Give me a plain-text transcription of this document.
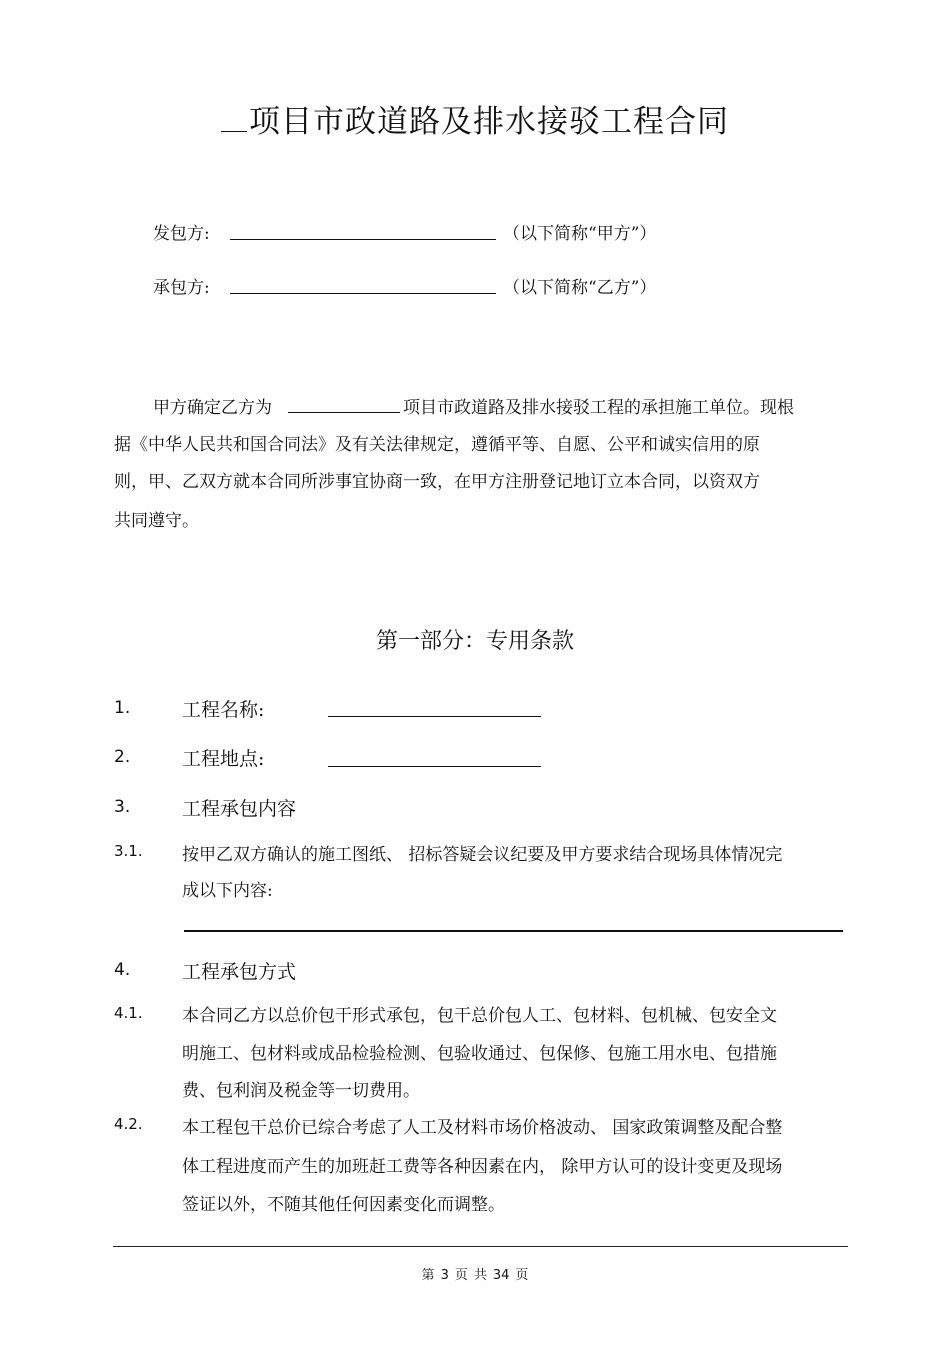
项目市政道路及排水接驳工程合同
发包方:	（以下简称“甲方”）
承包方:	（以下简称“乙方”）
甲方确定乙方为	项目市政道路及排水接驳工程的承担施工单位。现根
据《中华人民共和国合同法》及有关法律规定，遵循平等、自愿、公平和诚实信用的原
则，甲、乙双方就本合同所涉事宜协商一致，在甲方注册登记地订立本合同，以资双方
共同遵守。
第一部分：专用条款
1.	工程名称:
2.	工程地点:
3.	工程承包内容
3.1. 按甲乙双方确认的施工图纸、 招标答疑会议纪要及甲方要求结合现场具体情况完
成以下内容:
4.	工程承包方式
4.1. 本合同乙方以总价包干形式承包，包干总价包人工、包材料、包机械、包安全文
明施工、包材料或成品检验检测、包验收通过、包保修、包施工用水电、包措施
费、包利润及税金等一切费用。
4.2. 本工程包干总价已综合考虑了人工及材料市场价格波动、 国家政策调整及配合整
体工程进度而产生的加班赶工费等各种因素在内， 除甲方认可的设计变更及现场
签证以外，不随其他任何因素变化而调整。
第 3 页 共 34 页
